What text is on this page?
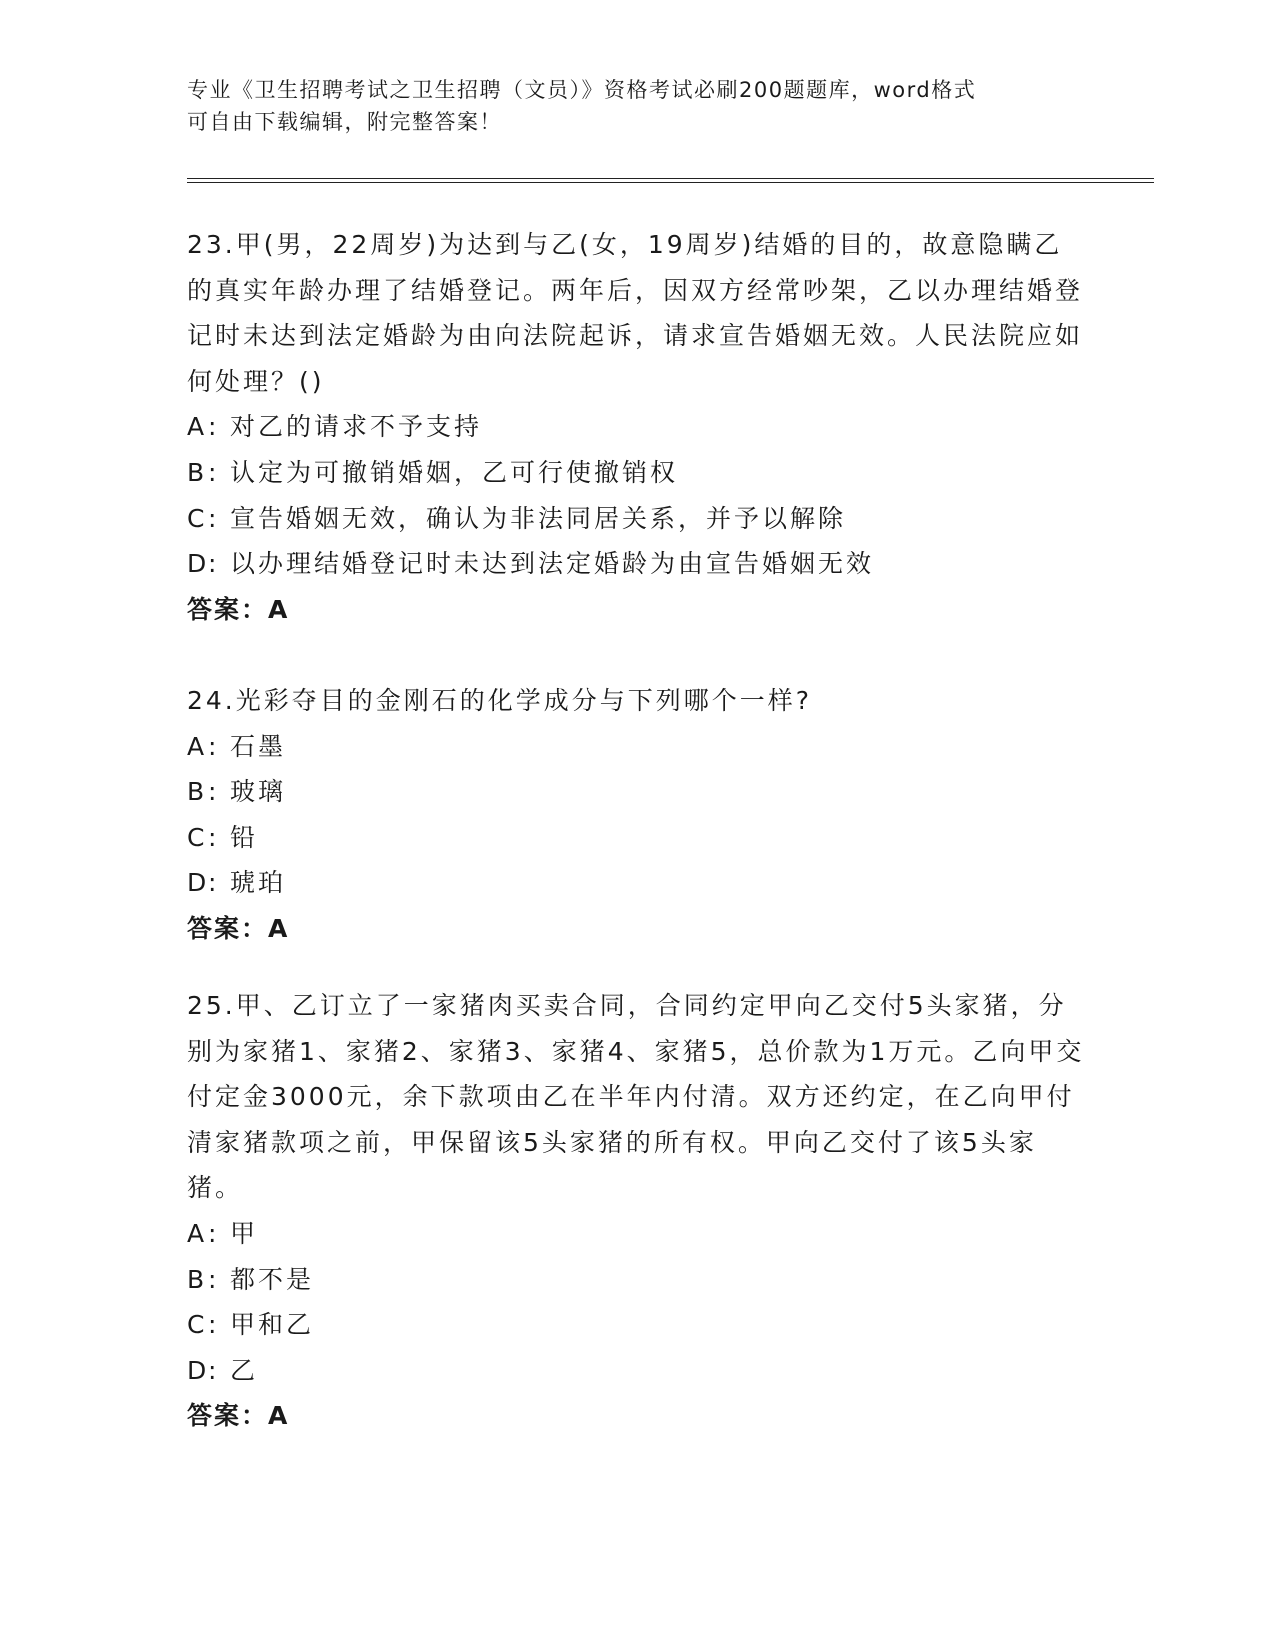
专业《卫生招聘考试之卫生招聘（文员）》资格考试必刷200题题库，word格式
可自由下载编辑，附完整答案！

23.甲(男，22周岁)为达到与乙(女，19周岁)结婚的目的，故意隐瞒乙的真实年龄办理了结婚登记。两年后，因双方经常吵架，乙以办理结婚登记时未达到法定婚龄为由向法院起诉，请求宣告婚姻无效。人民法院应如何处理？()

A: 对乙的请求不予支持
B: 认定为可撤销婚姻，乙可行使撤销权
C: 宣告婚姻无效，确认为非法同居关系，并予以解除
D: 以办理结婚登记时未达到法定婚龄为由宣告婚姻无效
答案：A

24.光彩夺目的金刚石的化学成分与下列哪个一样?

A: 石墨
B: 玻璃
C: 铅
D: 琥珀
答案：A

25.甲、乙订立了一家猪肉买卖合同，合同约定甲向乙交付5头家猪，分别为家猪1、家猪2、家猪3、家猪4、家猪5，总价款为1万元。乙向甲交付定金3000元，余下款项由乙在半年内付清。双方还约定，在乙向甲付清家猪款项之前，甲保留该5头家猪的所有权。甲向乙交付了该5头家猪。

A: 甲
B: 都不是
C: 甲和乙
D: 乙
答案：A
